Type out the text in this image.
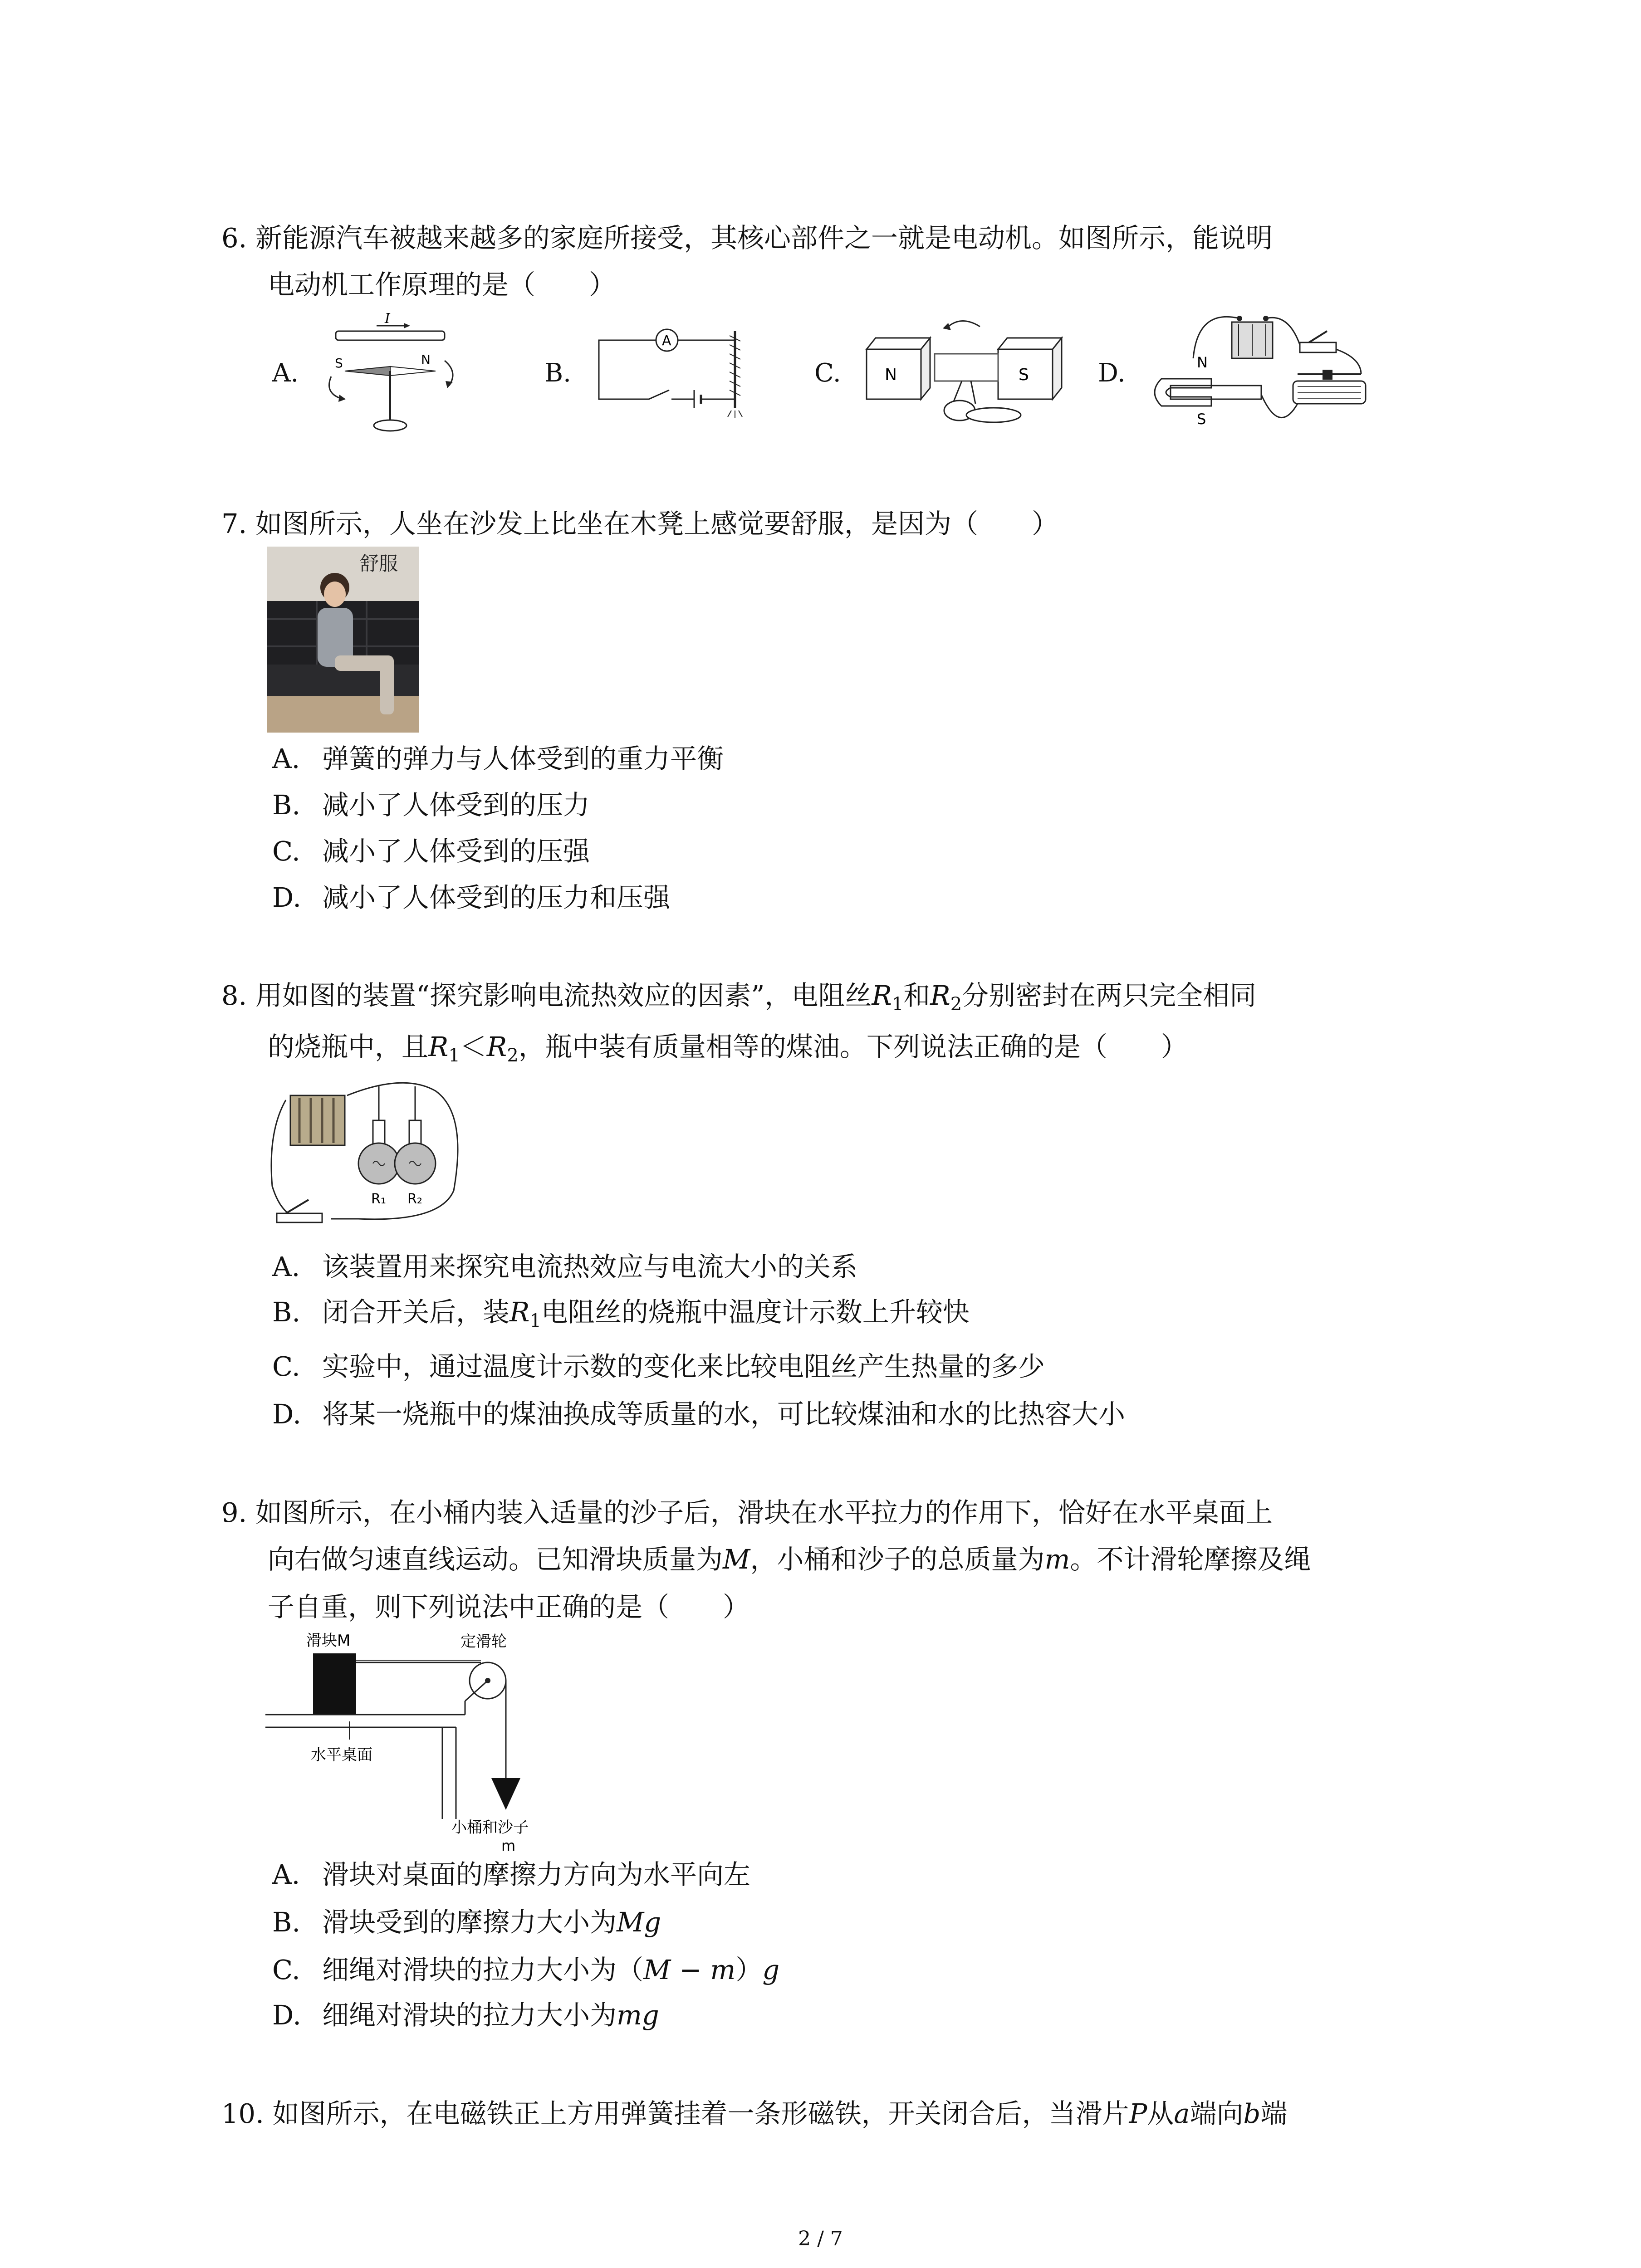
6. 新能源汽车被越来越多的家庭所接受，其核心部件之一就是电动机。如图所示，能说明
电动机工作原理的是（　　）
A.
I
S	N	B.
A
C.	N	S	D.	N
S
7. 如图所示，人坐在沙发上比坐在木凳上感觉要舒服，是因为（　　）
舒服
A. 弹簧的弹力与人体受到的重力平衡
B. 减小了人体受到的压力
C. 减小了人体受到的压强
D. 减小了人体受到的压力和压强
8. 用如图的装置“探究影响电流热效应的因素”，电阻丝$R_1$和$R_2$分别密封在两只完全相同
的烧瓶中，且$R_1<R_2$，瓶中装有质量相等的煤油。下列说法正确的是（　　）
R₁ R₂
A. 该装置用来探究电流热效应与电流大小的关系
B. 闭合开关后，装$R_1$电阻丝的烧瓶中温度计示数上升较快
C. 实验中，通过温度计示数的变化来比较电阻丝产生热量的多少
D. 将某一烧瓶中的煤油换成等质量的水，可比较煤油和水的比热容大小
9. 如图所示，在小桶内装入适量的沙子后，滑块在水平拉力的作用下，恰好在水平桌面上
向右做匀速直线运动。已知滑块质量为M，小桶和沙子的总质量为m。不计滑轮摩擦及绳
子自重，则下列说法中正确的是（　　）
滑块M	定滑轮
水平桌面
小桶和沙子
m
A. 滑块对桌面的摩擦力方向为水平向左
B. 滑块受到的摩擦力大小为Mg
C. 细绳对滑块的拉力大小为（M − m）g
D. 细绳对滑块的拉力大小为mg
10. 如图所示，在电磁铁正上方用弹簧挂着一条形磁铁，开关闭合后，当滑片P从a端向b端
2 / 7
